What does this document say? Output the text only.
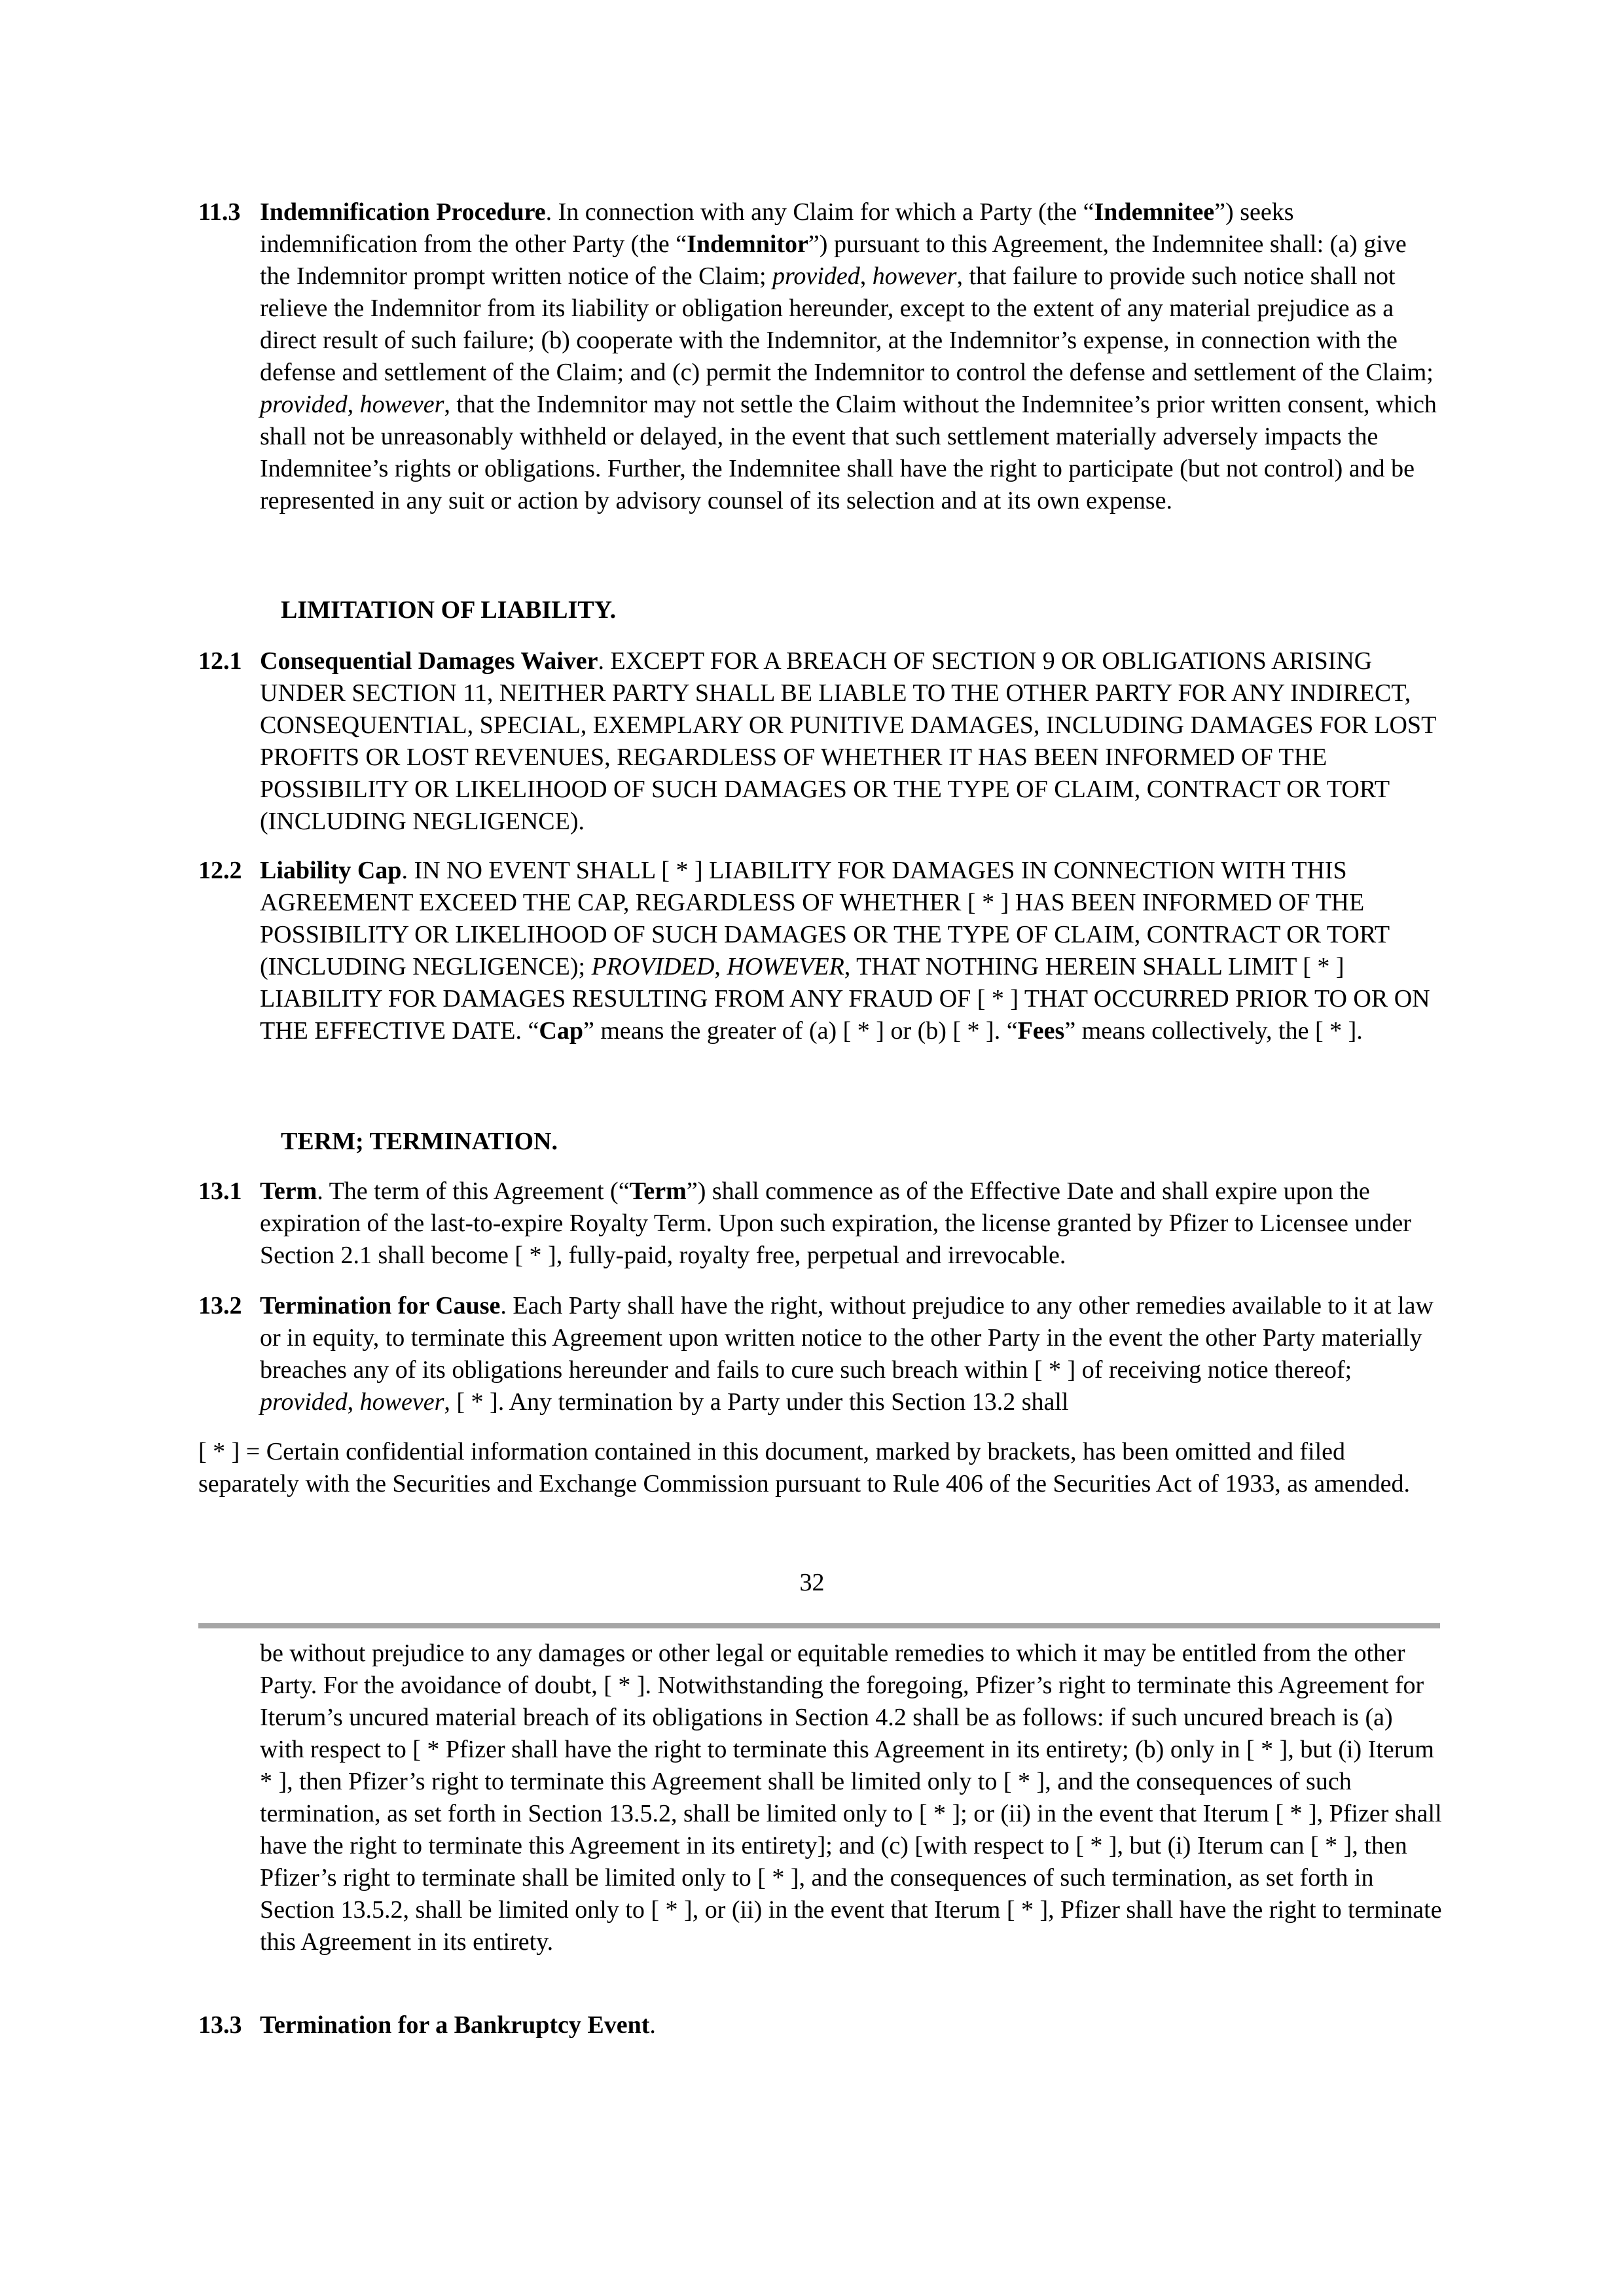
11.3 Indemnification Procedure. In connection with any Claim for which a Party (the “Indemnitee”) seeks indemnification from the other Party (the “Indemnitor”) pursuant to this Agreement, the Indemnitee shall: (a) give the Indemnitor prompt written notice of the Claim; provided, however, that failure to provide such notice shall not relieve the Indemnitor from its liability or obligation hereunder, except to the extent of any material prejudice as a direct result of such failure; (b) cooperate with the Indemnitor, at the Indemnitor’s expense, in connection with the defense and settlement of the Claim; and (c) permit the Indemnitor to control the defense and settlement of the Claim; provided, however, that the Indemnitor may not settle the Claim without the Indemnitee’s prior written consent, which shall not be unreasonably withheld or delayed, in the event that such settlement materially adversely impacts the Indemnitee’s rights or obligations. Further, the Indemnitee shall have the right to participate (but not control) and be represented in any suit or action by advisory counsel of its selection and at its own expense.
LIMITATION OF LIABILITY.
12.1 Consequential Damages Waiver. EXCEPT FOR A BREACH OF SECTION 9 OR OBLIGATIONS ARISING UNDER SECTION 11, NEITHER PARTY SHALL BE LIABLE TO THE OTHER PARTY FOR ANY INDIRECT, CONSEQUENTIAL, SPECIAL, EXEMPLARY OR PUNITIVE DAMAGES, INCLUDING DAMAGES FOR LOST PROFITS OR LOST REVENUES, REGARDLESS OF WHETHER IT HAS BEEN INFORMED OF THE POSSIBILITY OR LIKELIHOOD OF SUCH DAMAGES OR THE TYPE OF CLAIM, CONTRACT OR TORT (INCLUDING NEGLIGENCE).
12.2 Liability Cap. IN NO EVENT SHALL [ * ] LIABILITY FOR DAMAGES IN CONNECTION WITH THIS AGREEMENT EXCEED THE CAP, REGARDLESS OF WHETHER [ * ] HAS BEEN INFORMED OF THE POSSIBILITY OR LIKELIHOOD OF SUCH DAMAGES OR THE TYPE OF CLAIM, CONTRACT OR TORT (INCLUDING NEGLIGENCE); PROVIDED, HOWEVER, THAT NOTHING HEREIN SHALL LIMIT [ * ] LIABILITY FOR DAMAGES RESULTING FROM ANY FRAUD OF [ * ] THAT OCCURRED PRIOR TO OR ON THE EFFECTIVE DATE. “Cap” means the greater of (a) [ * ] or (b) [ * ]. “Fees” means collectively, the [ * ].
TERM; TERMINATION.
13.1 Term. The term of this Agreement (“Term”) shall commence as of the Effective Date and shall expire upon the expiration of the last-to-expire Royalty Term. Upon such expiration, the license granted by Pfizer to Licensee under Section 2.1 shall become [ * ], fully-paid, royalty free, perpetual and irrevocable.
13.2 Termination for Cause. Each Party shall have the right, without prejudice to any other remedies available to it at law or in equity, to terminate this Agreement upon written notice to the other Party in the event the other Party materially breaches any of its obligations hereunder and fails to cure such breach within [ * ] of receiving notice thereof; provided, however, [ * ]. Any termination by a Party under this Section 13.2 shall
[ * ] = Certain confidential information contained in this document, marked by brackets, has been omitted and filed separately with the Securities and Exchange Commission pursuant to Rule 406 of the Securities Act of 1933, as amended.
32
be without prejudice to any damages or other legal or equitable remedies to which it may be entitled from the other Party. For the avoidance of doubt, [ * ]. Notwithstanding the foregoing, Pfizer’s right to terminate this Agreement for Iterum’s uncured material breach of its obligations in Section 4.2 shall be as follows: if such uncured breach is (a) with respect to [ * Pfizer shall have the right to terminate this Agreement in its entirety; (b) only in [ * ], but (i) Iterum * ], then Pfizer’s right to terminate this Agreement shall be limited only to [ * ], and the consequences of such termination, as set forth in Section 13.5.2, shall be limited only to [ * ]; or (ii) in the event that Iterum [ * ], Pfizer shall have the right to terminate this Agreement in its entirety]; and (c) [with respect to [ * ], but (i) Iterum can [ * ], then Pfizer’s right to terminate shall be limited only to [ * ], and the consequences of such termination, as set forth in Section 13.5.2, shall be limited only to [ * ], or (ii) in the event that Iterum [ * ], Pfizer shall have the right to terminate this Agreement in its entirety.
13.3 Termination for a Bankruptcy Event.
